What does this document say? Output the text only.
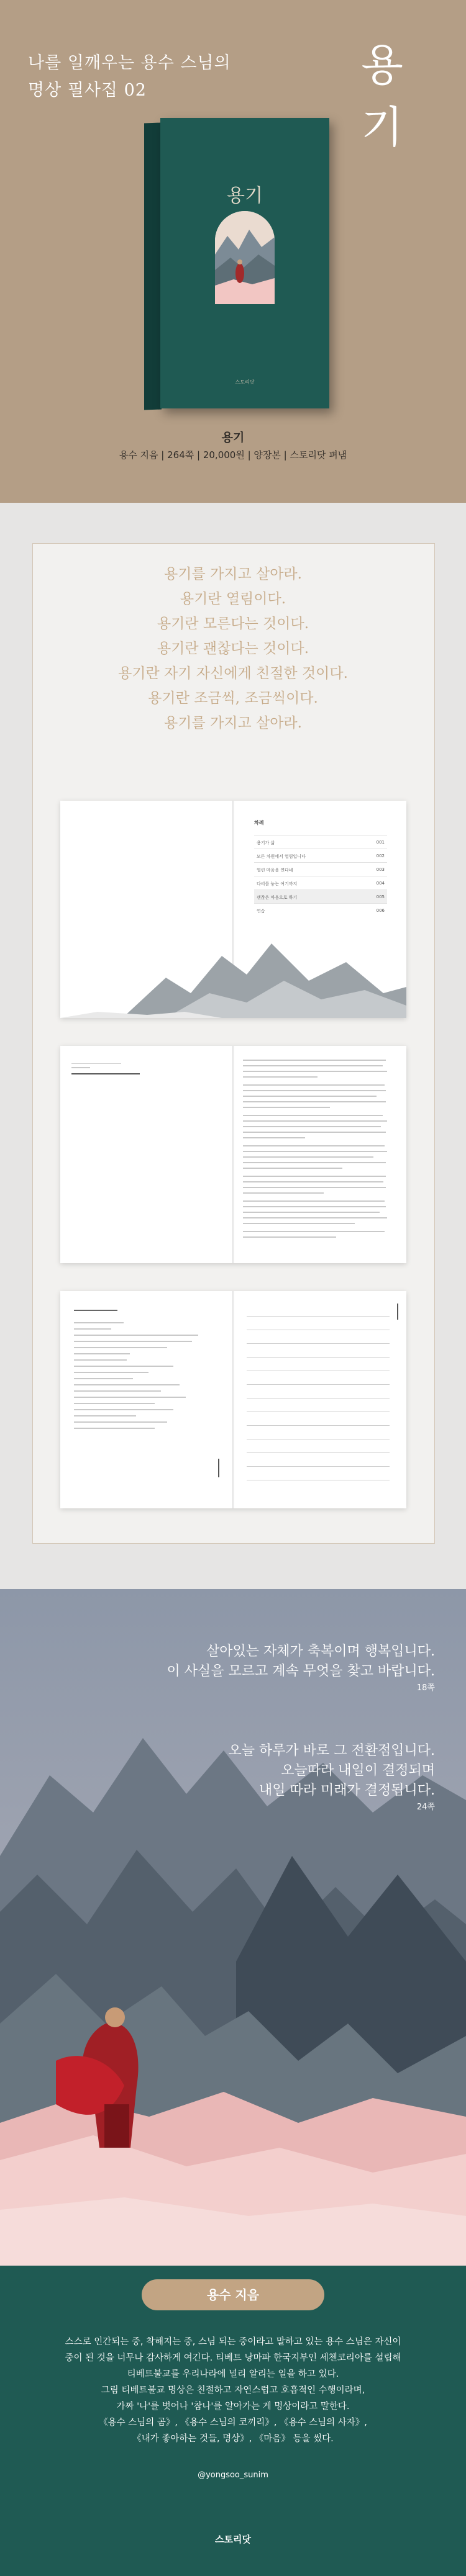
나를 일깨우는 용수 스님의
명상 필사집 02	용기
용기
스토리닷
용기
용수 지음 | 264쪽 | 20,000원 | 양장본 | 스토리닷 펴냄
용기를 가지고 살아라.
용기란 열림이다.
용기란 모른다는 것이다.
용기란 괜찮다는 것이다.
용기란 자기 자신에게 친절한 것이다.
용기란 조금씩, 조금씩이다.
용기를 가지고 살아라.
차례
용기가 삶	001
모든 차원에서 열림입니다	002
열린 마음을 연다네	003
다리를 놓는 여기까지	004
괜찮은 마음으로 하기	005
연습	006
살아있는 자체가 축복이며 행복입니다.
이 사실을 모르고 계속 무엇을 찾고 바랍니다.
18쪽
오늘 하루가 바로 그 전환점입니다.
오늘따라 내일이 결정되며
내일 따라 미래가 결정됩니다.
24쪽
용수 지음
스스로 인간되는 중, 착해지는 중, 스님 되는 중이라고 말하고 있는 용수 스님은 자신이
중이 된 것을 너무나 감사하게 여긴다. 티베트 낭마파 한국지부인 세첸코리아를 설립해
티베트불교를 우리나라에 널리 알리는 일을 하고 있다.
그림 티베트불교 명상은 친절하고 자연스럽고 호흡적인 수행이라며,
가짜 '나'를 벗어나 '참나'를 알아가는 게 명상이라고 말한다.
《용수 스님의 곰》, 《용수 스님의 코끼리》, 《용수 스님의 사자》,
《내가 좋아하는 것들, 명상》, 《마음》 등을 썼다.
@yongsoo_sunim
스토리닷
